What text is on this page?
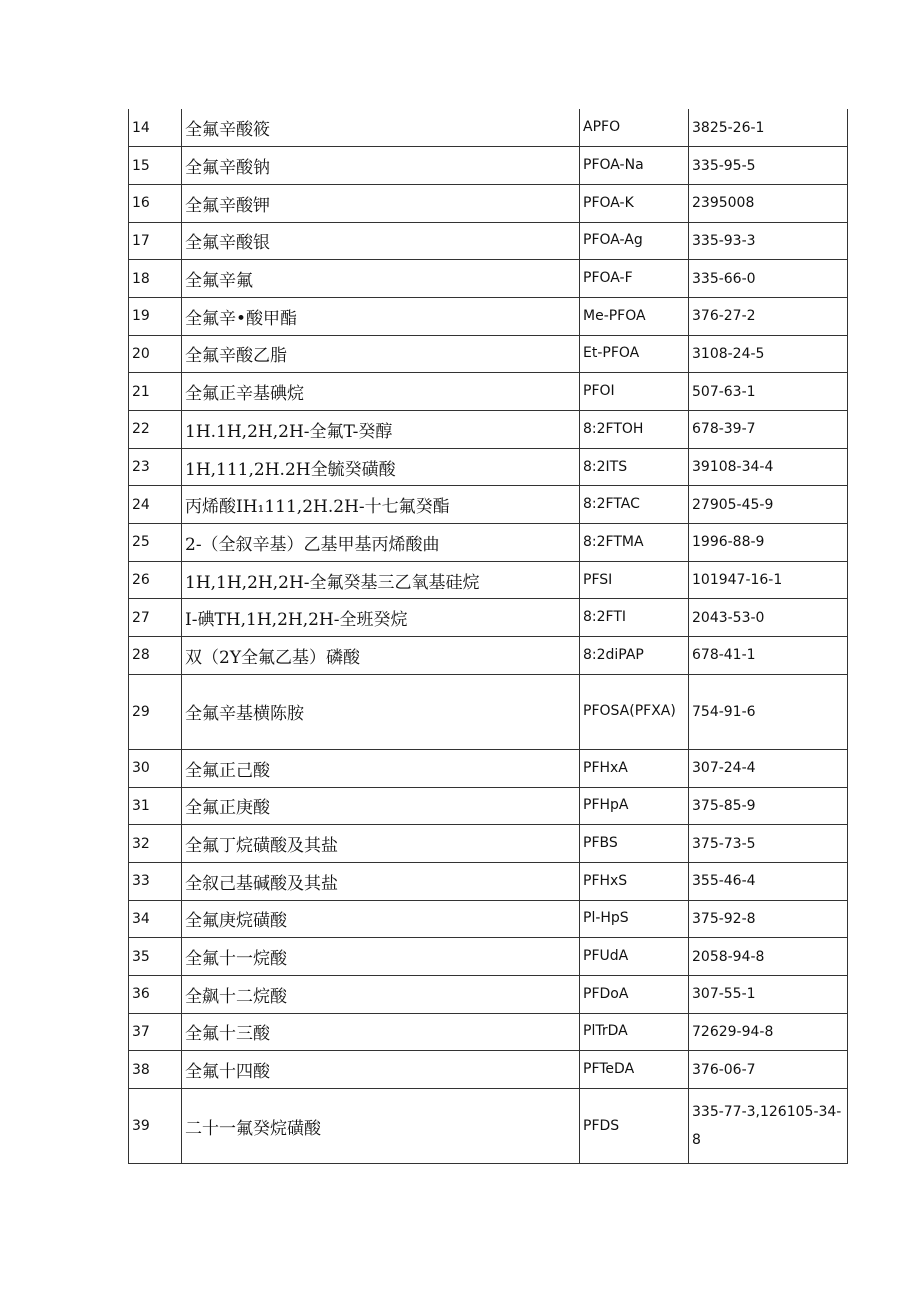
14	全氟辛酸筱	APFO	3825-26-1
15	全氟辛酸钠	PFOA-Na	335-95-5
16	全氟辛酸钾	PFOA-K	2395008
17	全氟辛酸银	PFOA-Ag	335-93-3
18	全氟辛氟	PFOA-F	335-66-0
19	全氟辛•酸甲酯	Me-PFOA	376-27-2
20	全氟辛酸乙脂	Et-PFOA	3108-24-5
21	全氟正辛基碘烷	PFOI	507-63-1
22	1H.1H,2H,2H-全氟T-癸醇	8:2FTOH	678-39-7
23	1H,111,2H.2H全毓癸磺酸	8:2ITS	39108-34-4
24	丙烯酸IH₁111,2H.2H-十七氟癸酯	8:2FTAC	27905-45-9
25	2-（全叙辛基）乙基甲基丙烯酸曲	8:2FTMA	1996-88-9
26	1H,1H,2H,2H-全氟癸基三乙氧基硅烷	PFSI	101947-16-1
27	I-碘TH,1H,2H,2H-全班癸烷	8:2FTI	2043-53-0
28	双（2Y全氟乙基）磷酸	8:2diPAP	678-41-1
29	全氟辛基横陈胺	PFOSA(PFXA)	754-91-6
30	全氟正己酸	PFHxA	307-24-4
31	全氟正庚酸	PFHpA	375-85-9
32	全氟丁烷磺酸及其盐	PFBS	375-73-5
33	全叙己基碱酸及其盐	PFHxS	355-46-4
34	全氟庚烷磺酸	Pl-HpS	375-92-8
35	全氟十一烷酸	PFUdA	2058-94-8
36	全飙十二烷酸	PFDoA	307-55-1
37	全氟十三酸	PlTrDA	72629-94-8
38	全氟十四酸	PFTeDA	376-06-7
39	二十一氟癸烷磺酸	PFDS	335-77-3,126105-34-8
